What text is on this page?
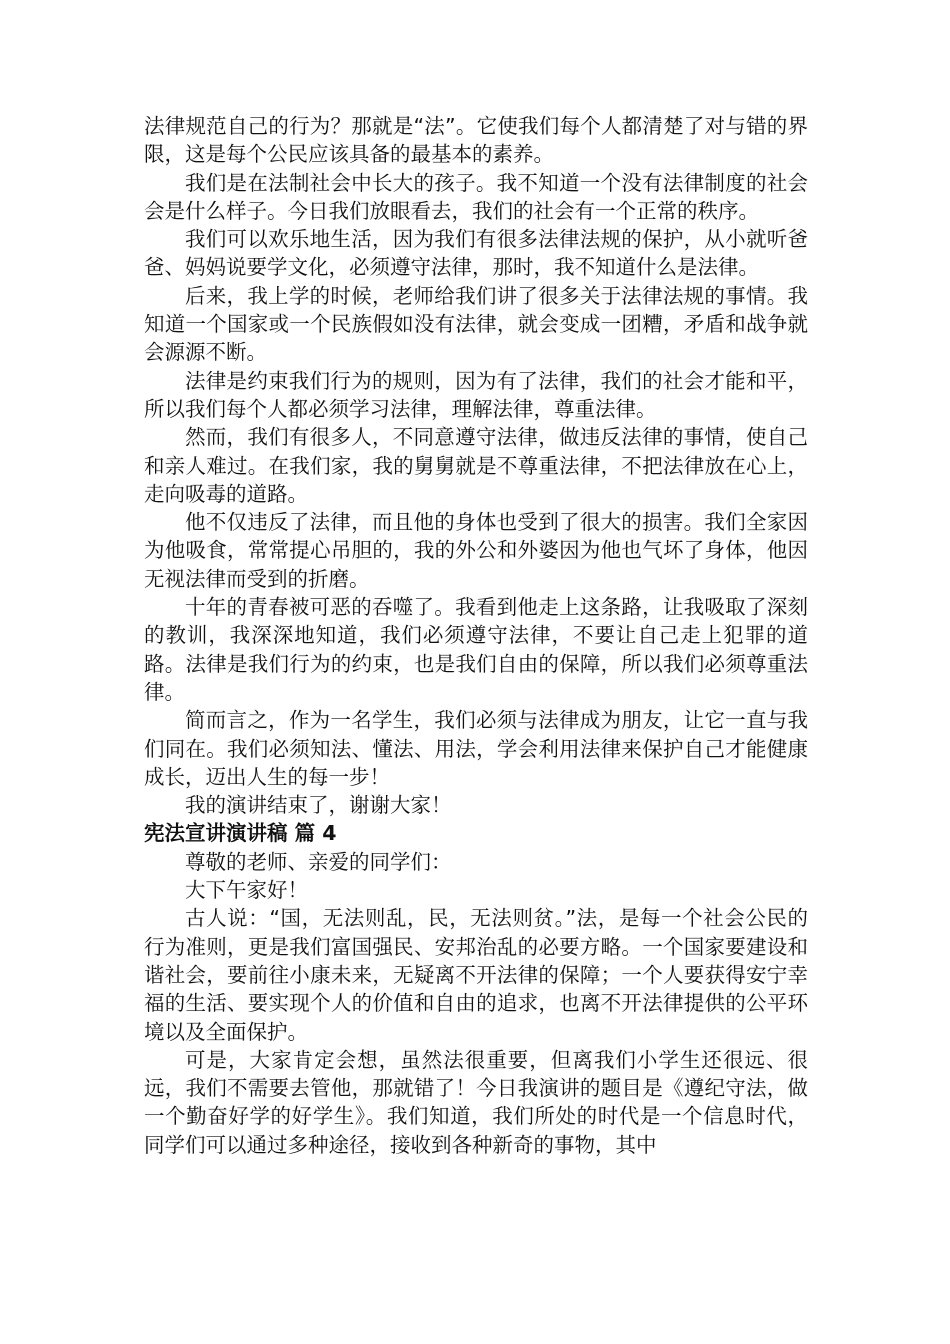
法律规范自己的行为？那就是“法”。它使我们每个人都清楚了对与错的界限，这是每个公民应该具备的最基本的素养。

我们是在法制社会中长大的孩子。我不知道一个没有法律制度的社会会是什么样子。今日我们放眼看去，我们的社会有一个正常的秩序。

我们可以欢乐地生活，因为我们有很多法律法规的保护，从小就听爸爸、妈妈说要学文化，必须遵守法律，那时，我不知道什么是法律。

后来，我上学的时候，老师给我们讲了很多关于法律法规的事情。我知道一个国家或一个民族假如没有法律，就会变成一团糟，矛盾和战争就会源源不断。

法律是约束我们行为的规则，因为有了法律，我们的社会才能和平，所以我们每个人都必须学习法律，理解法律，尊重法律。

然而，我们有很多人，不同意遵守法律，做违反法律的事情，使自己和亲人难过。在我们家，我的舅舅就是不尊重法律，不把法律放在心上，走向吸毒的道路。

他不仅违反了法律，而且他的身体也受到了很大的损害。我们全家因为他吸食，常常提心吊胆的，我的外公和外婆因为他也气坏了身体，他因无视法律而受到的折磨。

十年的青春被可恶的吞噬了。我看到他走上这条路，让我吸取了深刻的教训，我深深地知道，我们必须遵守法律，不要让自己走上犯罪的道路。法律是我们行为的约束，也是我们自由的保障，所以我们必须尊重法律。

简而言之，作为一名学生，我们必须与法律成为朋友，让它一直与我们同在。我们必须知法、懂法、用法，学会利用法律来保护自己才能健康成长，迈出人生的每一步！

我的演讲结束了，谢谢大家！

宪法宣讲演讲稿 篇 4

尊敬的老师、亲爱的同学们：

大下午家好！

古人说：“国，无法则乱，民，无法则贫。”法，是每一个社会公民的行为准则，更是我们富国强民、安邦治乱的必要方略。一个国家要建设和谐社会，要前往小康未来，无疑离不开法律的保障；一个人要获得安宁幸福的生活、要实现个人的价值和自由的追求，也离不开法律提供的公平环境以及全面保护。

可是，大家肯定会想，虽然法很重要，但离我们小学生还很远、很远，我们不需要去管他，那就错了！今日我演讲的题目是《遵纪守法，做一个勤奋好学的好学生》。我们知道，我们所处的时代是一个信息时代，同学们可以通过多种途径，接收到各种新奇的事物，其中
